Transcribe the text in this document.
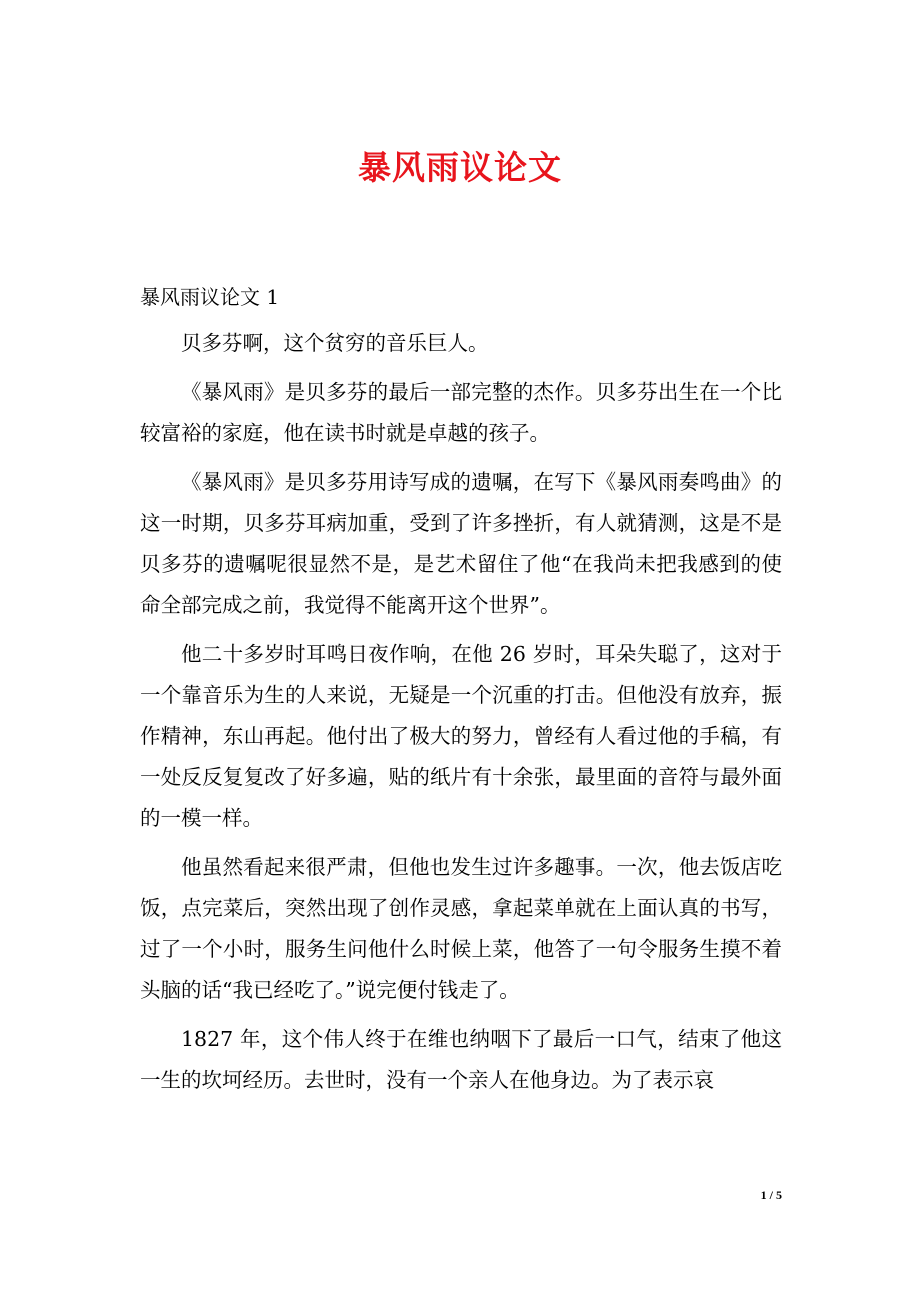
暴风雨议论文
暴风雨议论文 1

贝多芬啊，这个贫穷的音乐巨人。

《暴风雨》是贝多芬的最后一部完整的杰作。贝多芬出生在一个比较富裕的家庭，他在读书时就是卓越的孩子。

《暴风雨》是贝多芬用诗写成的遗嘱，在写下《暴风雨奏鸣曲》的这一时期，贝多芬耳病加重，受到了许多挫折，有人就猜测，这是不是贝多芬的遗嘱呢很显然不是，是艺术留住了他“在我尚未把我感到的使命全部完成之前，我觉得不能离开这个世界”。

他二十多岁时耳鸣日夜作响，在他 26 岁时，耳朵失聪了，这对于一个靠音乐为生的人来说，无疑是一个沉重的打击。但他没有放弃，振作精神，东山再起。他付出了极大的努力，曾经有人看过他的手稿，有一处反反复复改了好多遍，贴的纸片有十余张，最里面的音符与最外面的一模一样。

他虽然看起来很严肃，但他也发生过许多趣事。一次，他去饭店吃饭，点完菜后，突然出现了创作灵感，拿起菜单就在上面认真的书写，过了一个小时，服务生问他什么时候上菜，他答了一句令服务生摸不着头脑的话“我已经吃了。”说完便付钱走了。

1827 年，这个伟人终于在维也纳咽下了最后一口气，结束了他这一生的坎坷经历。去世时，没有一个亲人在他身边。为了表示哀

1 / 5
